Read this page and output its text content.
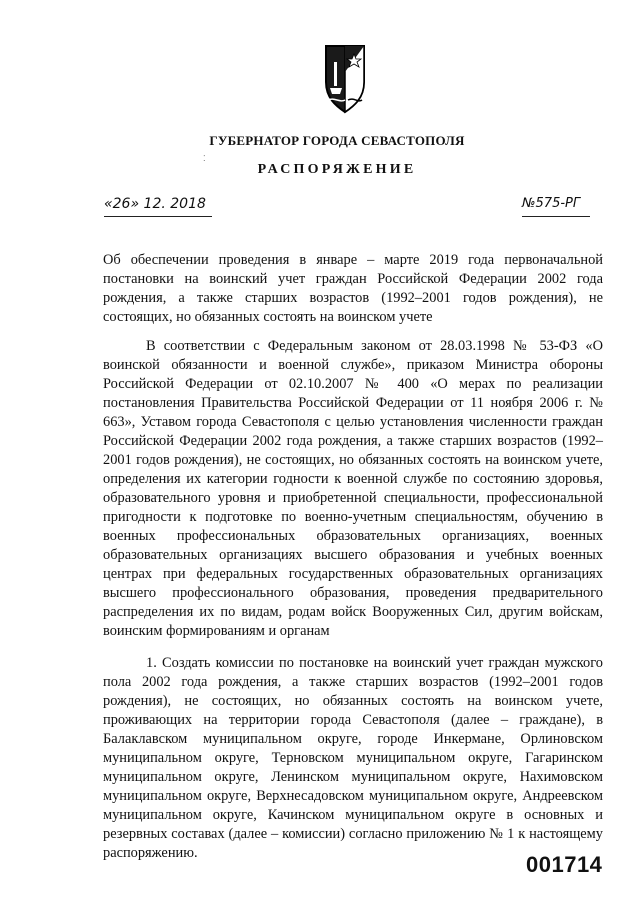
ГУБЕРНАТОР ГОРОДА СЕВАСТОПОЛЯ
⁚
РАСПОРЯЖЕНИЕ
«26» 12. 2018	№575-РГ
Об обеспечении проведения в январе – марте 2019 года первоначальной постановки на воинский учет граждан Российской Федерации 2002 года рождения, а также старших возрастов (1992–2001 годов рождения), не состоящих, но обязанных состоять на воинском учете
В соответствии с Федеральным законом от 28.03.1998 № 53-ФЗ «О воинской обязанности и военной службе», приказом Министра обороны Российской Федерации от 02.10.2007 № 400 «О мерах по реализации постановления Правительства Российской Федерации от 11 ноября 2006 г. № 663», Уставом города Севастополя с целью установления численности граждан Российской Федерации 2002 года рождения, а также старших возрастов (1992–2001 годов рождения), не состоящих, но обязанных состоять на воинском учете, определения их категории годности к военной службе по состоянию здоровья, образовательного уровня и приобретенной специальности, профессиональной пригодности к подготовке по военно-учетным специальностям, обучению в военных профессиональных образовательных организациях, военных образовательных организациях высшего образования и учебных военных центрах при федеральных государственных образовательных организациях высшего профессионального образования, проведения предварительного распределения их по видам, родам войск Вооруженных Сил, другим войскам, воинским формированиям и органам
1. Создать комиссии по постановке на воинский учет граждан мужского пола 2002 года рождения, а также старших возрастов (1992–2001 годов рождения), не состоящих, но обязанных состоять на воинском учете, проживающих на территории города Севастополя (далее – граждане), в Балаклавском муниципальном округе, городе Инкермане, Орлиновском муниципальном округе, Терновском муниципальном округе, Гагаринском муниципальном округе, Ленинском муниципальном округе, Нахимовском муниципальном округе, Верхнесадовском муниципальном округе, Андреевском муниципальном округе, Качинском муниципальном округе в основных и резервных составах (далее – комиссии) согласно приложению № 1 к настоящему распоряжению.	001714
